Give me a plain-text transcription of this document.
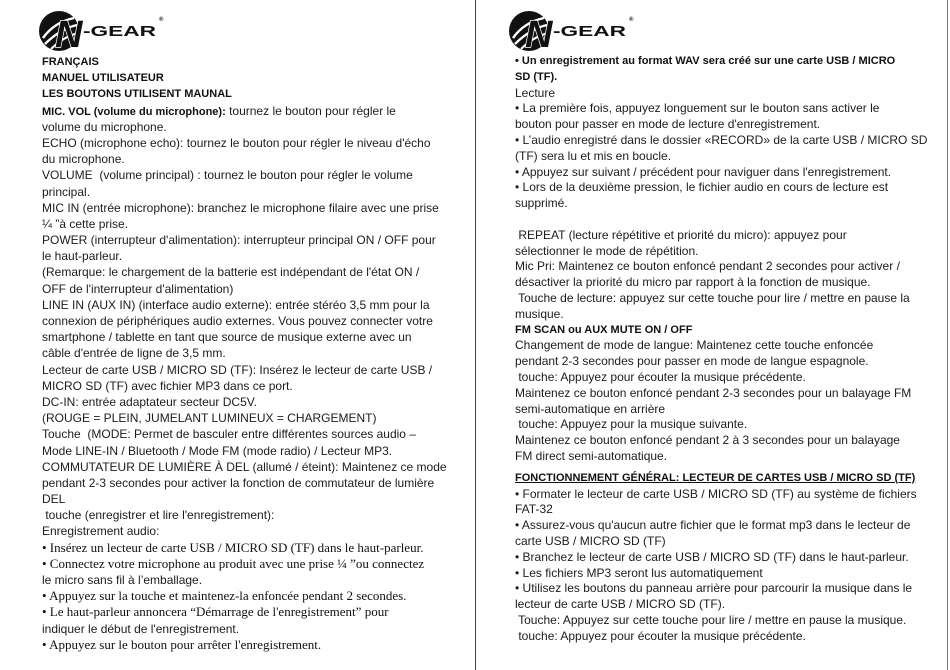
N -GEAR
®
FRANÇAIS
MANUEL UTILISATEUR
LES BOUTONS UTILISENT MAUNAL
MIC. VOL (volume du microphone): tournez le bouton pour régler le
volume du microphone.
ECHO (microphone echo): tournez le bouton pour régler le niveau d'écho
du microphone.
VOLUME  (volume principal) : tournez le bouton pour régler le volume
principal.
MIC IN (entrée microphone): branchez le microphone filaire avec une prise
¼ ”à cette prise.
POWER (interrupteur d'alimentation): interrupteur principal ON / OFF pour
le haut-parleur.
(Remarque: le chargement de la batterie est indépendant de l'état ON /
OFF de l'interrupteur d'alimentation)
LINE IN (AUX IN) (interface audio externe): entrée stéréo 3,5 mm pour la
connexion de périphériques audio externes. Vous pouvez connecter votre
smartphone / tablette en tant que source de musique externe avec un
câble d'entrée de ligne de 3,5 mm.
Lecteur de carte USB / MICRO SD (TF): Insérez le lecteur de carte USB /
MICRO SD (TF) avec fichier MP3 dans ce port.
DC-IN: entrée adaptateur secteur DC5V.
(ROUGE = PLEIN, JUMELANT LUMINEUX = CHARGEMENT)
Touche  (MODE: Permet de basculer entre différentes sources audio –
Mode LINE-IN / Bluetooth / Mode FM (mode radio) / Lecteur MP3.
COMMUTATEUR DE LUMIÈRE À DEL (allumé / éteint): Maintenez ce mode
pendant 2-3 secondes pour activer la fonction de commutateur de lumière
DEL
touche (enregistrer et lire l'enregistrement):
Enregistrement audio:
• Insérez un lecteur de carte USB / MICRO SD (TF) dans le haut-parleur.
• Connectez votre microphone au produit avec une prise ¼ ”ou connectez
le micro sans fil à l’emballage.
• Appuyez sur la touche et maintenez-la enfoncée pendant 2 secondes.
• Le haut-parleur annoncera “Démarrage de l'enregistrement” pour
indiquer le début de l'enregistrement.
• Appuyez sur le bouton pour arrêter l'enregistrement.
N -GEAR
®
• Un enregistrement au format WAV sera créé sur une carte USB / MICRO
SD (TF).
Lecture
• La première fois, appuyez longuement sur le bouton sans activer le
bouton pour passer en mode de lecture d'enregistrement.
• L’audio enregistré dans le dossier «RECORD» de la carte USB / MICRO SD
(TF) sera lu et mis en boucle.
• Appuyez sur suivant / précédent pour naviguer dans l'enregistrement.
• Lors de la deuxième pression, le fichier audio en cours de lecture est
supprimé.
REPEAT (lecture répétitive et priorité du micro): appuyez pour
sélectionner le mode de répétition.
Mic Pri: Maintenez ce bouton enfoncé pendant 2 secondes pour activer /
désactiver la priorité du micro par rapport à la fonction de musique.
Touche de lecture: appuyez sur cette touche pour lire / mettre en pause la
musique.
FM SCAN ou AUX MUTE ON / OFF
Changement de mode de langue: Maintenez cette touche enfoncée
pendant 2-3 secondes pour passer en mode de langue espagnole.
touche: Appuyez pour écouter la musique précédente.
Maintenez ce bouton enfoncé pendant 2-3 secondes pour un balayage FM
semi-automatique en arrière
touche: Appuyez pour la musique suivante.
Maintenez ce bouton enfoncé pendant 2 à 3 secondes pour un balayage
FM direct semi-automatique.
FONCTIONNEMENT GÉNÉRAL: LECTEUR DE CARTES USB / MICRO SD (TF)
• Formater le lecteur de carte USB / MICRO SD (TF) au système de fichiers
FAT-32
• Assurez-vous qu'aucun autre fichier que le format mp3 dans le lecteur de
carte USB / MICRO SD (TF)
• Branchez le lecteur de carte USB / MICRO SD (TF) dans le haut-parleur.
• Les fichiers MP3 seront lus automatiquement
• Utilisez les boutons du panneau arrière pour parcourir la musique dans le
lecteur de carte USB / MICRO SD (TF).
Touche: Appuyez sur cette touche pour lire / mettre en pause la musique.
touche: Appuyez pour écouter la musique précédente.
